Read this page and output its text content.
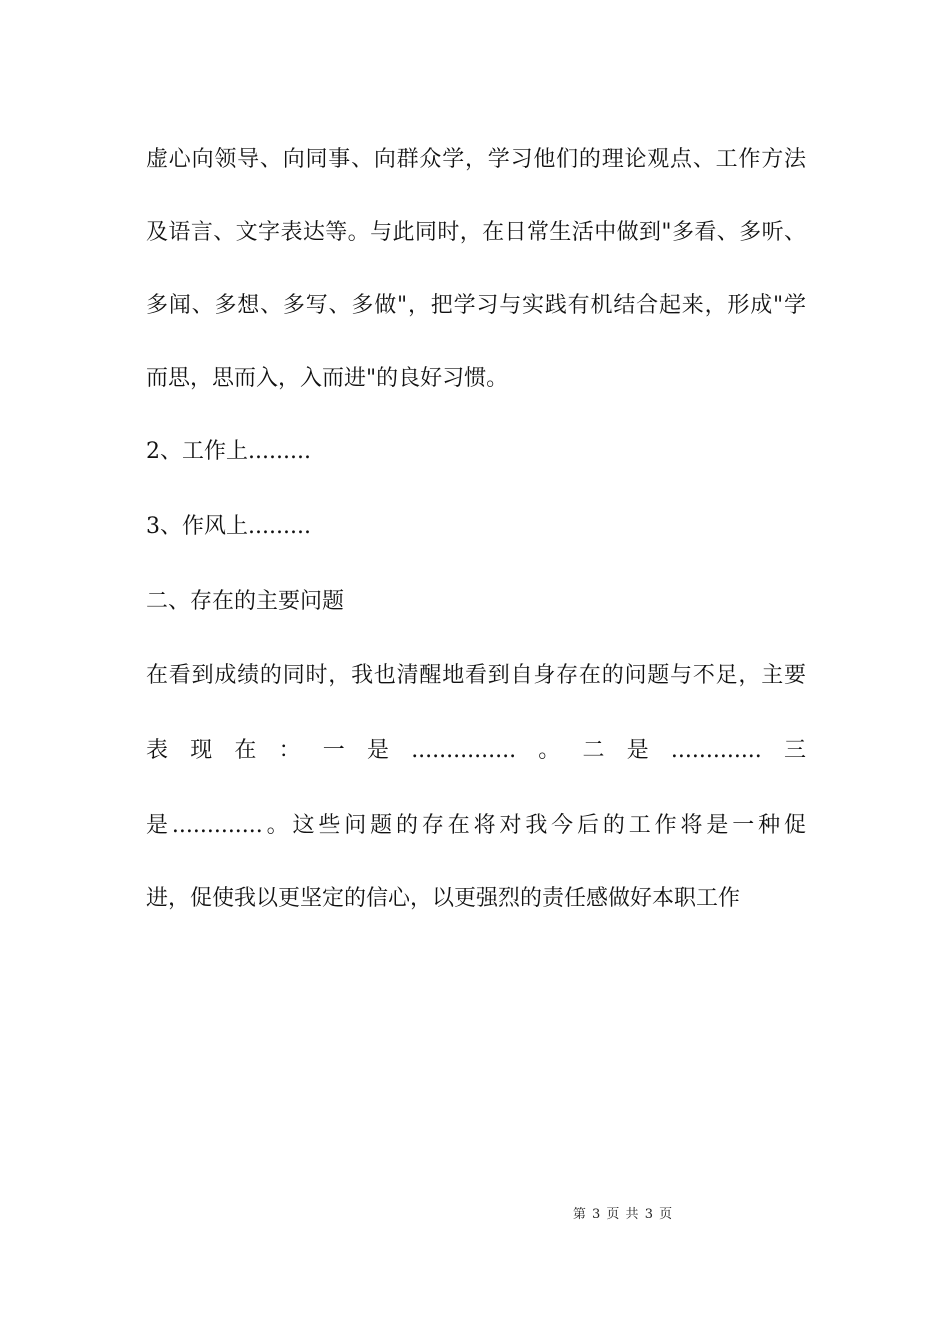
虚心向领导、向同事、向群众学，学习他们的理论观点、工作方法
及语言、文字表达等。与此同时，在日常生活中做到"多看、多听、
多闻、多想、多写、多做"，把学习与实践有机结合起来，形成"学
而思，思而入，入而进"的良好习惯。
2、工作上.........
3、作风上.........
二、存在的主要问题
在看到成绩的同时，我也清醒地看到自身存在的问题与不足，主要
表现在：一是...............。二是.............三
是.............。这些问题的存在将对我今后的工作将是一种促
进，促使我以更坚定的信心，以更强烈的责任感做好本职工作
第 3 页 共 3 页
